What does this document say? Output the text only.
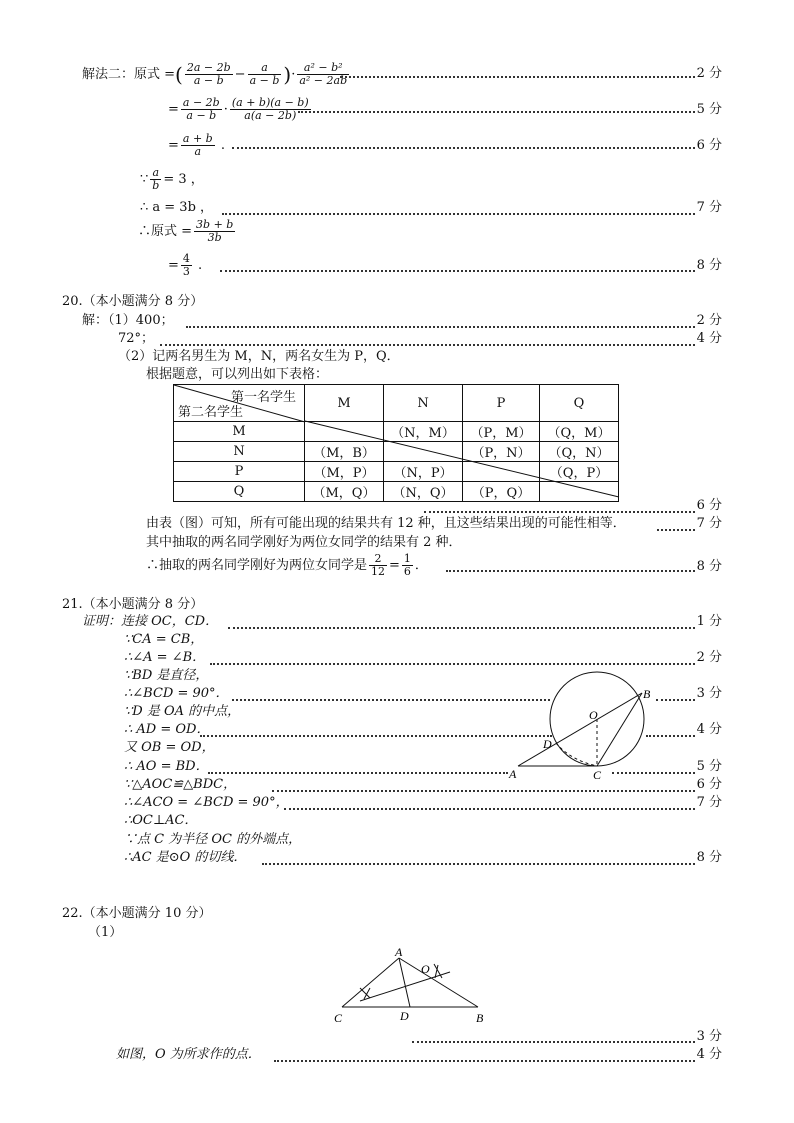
解法二：原式 =( $\frac{2a - 2b}{a - b} - \frac{a}{a - b}$ )· $\frac{\text{a² − b²}}{\text{a² − 2ab}}$	2 分
= $\frac{a - 2b}{a - b} \cdot \frac{(a + b)(a - b)}{a(a - 2b)}$	5 分
= $\frac{a + b}{a}$ .	6 分
∵ $\frac{a}{b} = 3$ ，
∴ a = 3b ，	7 分
∴原式 = $\frac{3b + b}{3b}$
= $\frac{4}{3}$ .	8 分
20.（本小题满分 8 分）
解：（1）400；	2 分
72°；	4 分
（2）记两名男生为 M，N，两名女生为 P，Q．
根据题意，可以列出如下表格：
第一名学生
第二名学生	M	N	P	Q
M		（N，M）	（P，M）	（Q，M）
N	（M，B）		（P，N）	（Q，N）
P	（M，P）	（N，P）		（Q，P）
Q	（M，Q）	（N，Q）	（P，Q）	
6 分
由表（图）可知，所有可能出现的结果共有 12 种，且这些结果出现的可能性相等．	7 分
其中抽取的两名同学刚好为两位女同学的结果有 2 种．
∴抽取的两名同学刚好为两位女同学是 $\frac{2}{12} = \frac{1}{6}$ ．	8 分
21.（本小题满分 8 分）
证明：连接 OC，CD．
∵CA = CB，
∴∠A = ∠B．
∵BD 是直径，
∴∠BCD = 90°．
∵D 是 OA 的中点，
∴ AD = OD．
又 OB = OD，
∴ AO = BD．
∵△AOC≌△BDC，
∴∠ACO = ∠BCD = 90°，
∴OC⊥AC．
∵点 C 为半径 OC 的外端点，
∴AC 是⊙O 的切线．
1 分
2 分
3 分
4 分
5 分
6 分
7 分
8 分
B
O
D
A	C
22.（本小题满分 10 分）
（1）
A
O
C	D	B
3 分
如图，O 为所求作的点．	4 分
